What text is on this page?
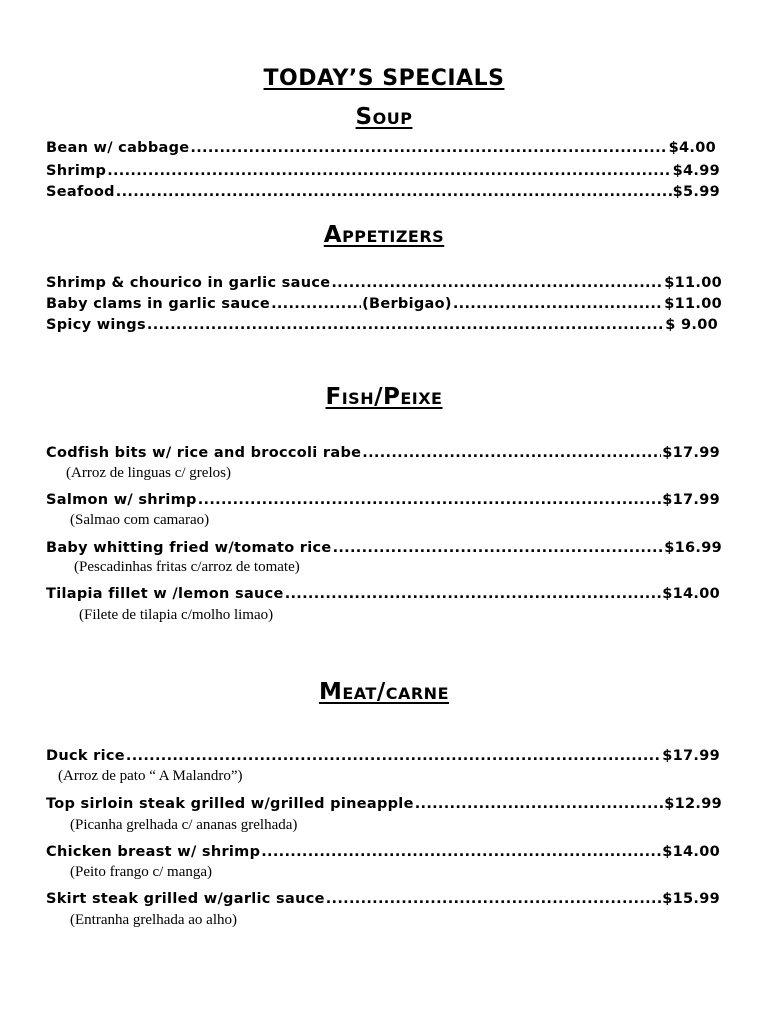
TODAY’S SPECIALS
Soup
Bean w/ cabbage .....	$4.00
Shrimp .....	$4.99
Seafood .....	$5.99
Appetizers
Shrimp & chourico in garlic sauce .....	$11.00
Baby clams in garlic sauce .....	(Berbigao) .....	$11.00
Spicy wings .....	$ 9.00
Fish/Peixe
Codfish bits w/ rice and broccoli rabe .....	$17.99
(Arroz de linguas c/ grelos)
Salmon w/ shrimp .....	$17.99
(Salmao com camarao)
Baby whitting fried w/tomato rice .....	$16.99
(Pescadinhas fritas c/arroz de tomate)
Tilapia fillet w /lemon sauce .....	$14.00
(Filete de tilapia c/molho limao)
Meat/carne
Duck rice .....	$17.99
(Arroz de pato “ A Malandro”)
Top sirloin steak grilled w/grilled pineapple .....	$12.99
(Picanha grelhada c/ ananas grelhada)
Chicken breast w/ shrimp .....	$14.00
(Peito frango c/ manga)
Skirt steak grilled w/garlic sauce .....	$15.99
(Entranha grelhada ao alho)
